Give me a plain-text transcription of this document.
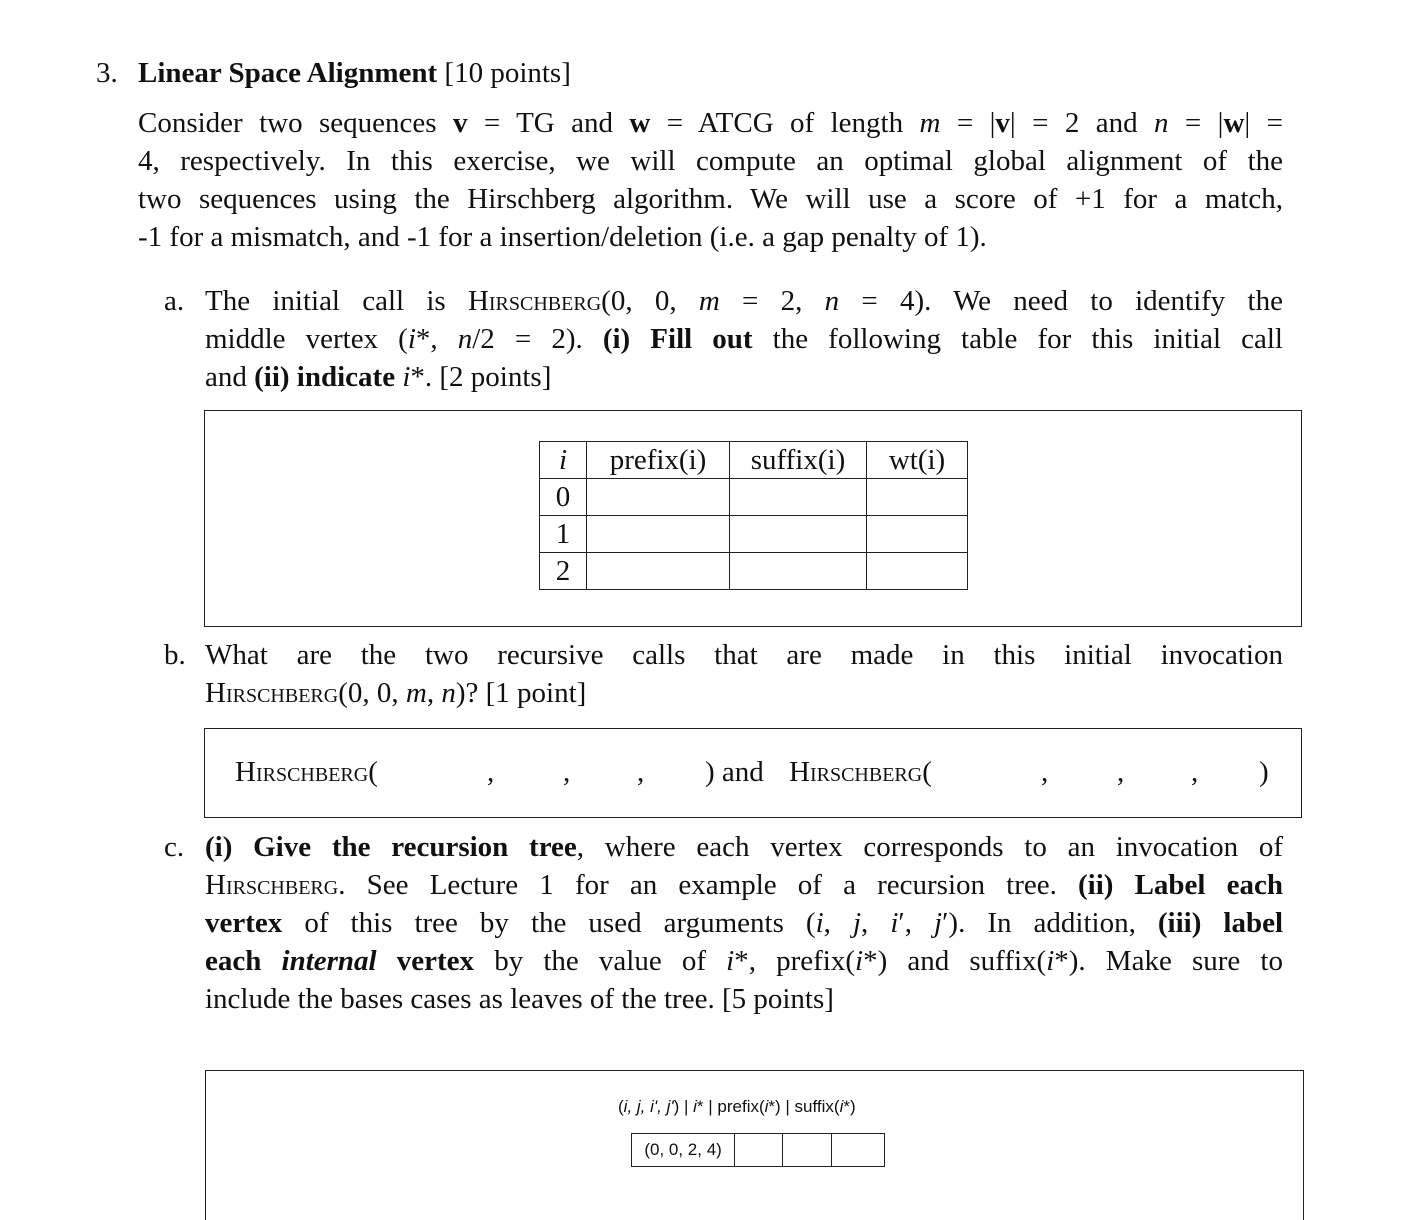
3. Linear Space Alignment [10 points]
Consider two sequences v = TG and w = ATCG of length m = |v| = 2 and n = |w| =
4, respectively. In this exercise, we will compute an optimal global alignment of the
two sequences using the Hirschberg algorithm. We will use a score of +1 for a match,
-1 for a mismatch, and -1 for a insertion/deletion (i.e. a gap penalty of 1).
a. The initial call is Hirschberg(0, 0, m = 2, n = 4). We need to identify the
middle vertex (i*, n/2 = 2). (i) Fill out the following table for this initial call
and (ii) indicate i*. [2 points]
i	prefix(i)	suffix(i)	wt(i)
0			
1			
2			
b. What are the two recursive calls that are made in this initial invocation
Hirschberg(0, 0, m, n)? [1 point]
Hirschberg(	, , , ) and Hirschberg(	, , , )
c. (i) Give the recursion tree, where each vertex corresponds to an invocation of
Hirschberg. See Lecture 1 for an example of a recursion tree. (ii) Label each
vertex of this tree by the used arguments (i, j, i′, j′). In addition, (iii) label
each internal vertex by the value of i*, prefix(i*) and suffix(i*). Make sure to
include the bases cases as leaves of the tree. [5 points]
(i, j, i', j') | i* | prefix(i*) | suffix(i*)
(0, 0, 2, 4)
